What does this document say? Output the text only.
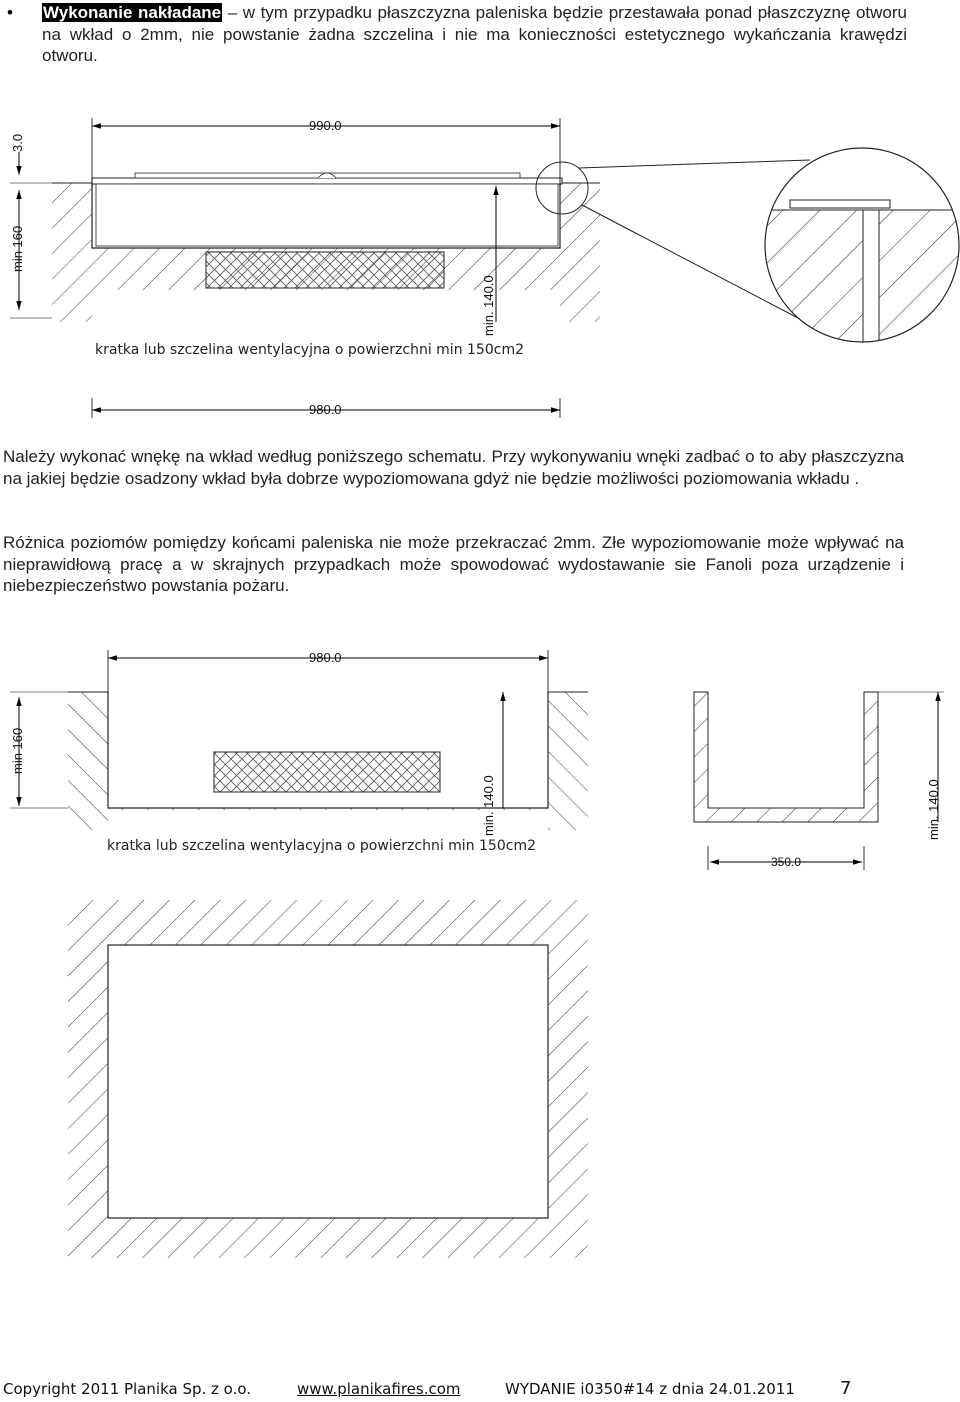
• Wykonanie nakładane – w tym przypadku płaszczyzna paleniska będzie przestawała ponad płaszczyznę otworu na wkład o 2mm, nie powstanie żadna szczelina i nie ma konieczności estetycznego wykańczania krawędzi otworu.
990.0
3.0
min 160
min. 140.0
kratka lub szczelina wentylacyjna o powierzchni min 150cm2
980.0
Należy wykonać wnękę na wkład według poniższego schematu. Przy wykonywaniu wnęki zadbać o to aby płaszczyzna na jakiej będzie osadzony wkład była dobrze wypoziomowana gdyż nie będzie możliwości poziomowania wkładu .
Różnica poziomów pomiędzy końcami paleniska nie może przekraczać 2mm. Złe wypoziomowanie może wpływać na nieprawidłową pracę a w skrajnych przypadkach może spowodować wydostawanie sie Fanoli poza urządzenie i niebezpieczeństwo powstania pożaru.
980.0
min 160
min. 140.0
kratka lub szczelina wentylacyjna o powierzchni min 150cm2
min. 140.0
350.0
Copyright 2011 Planika Sp. z o.o.	www.planikafires.com	WYDANIE i0350#14 z dnia 24.01.2011	7
